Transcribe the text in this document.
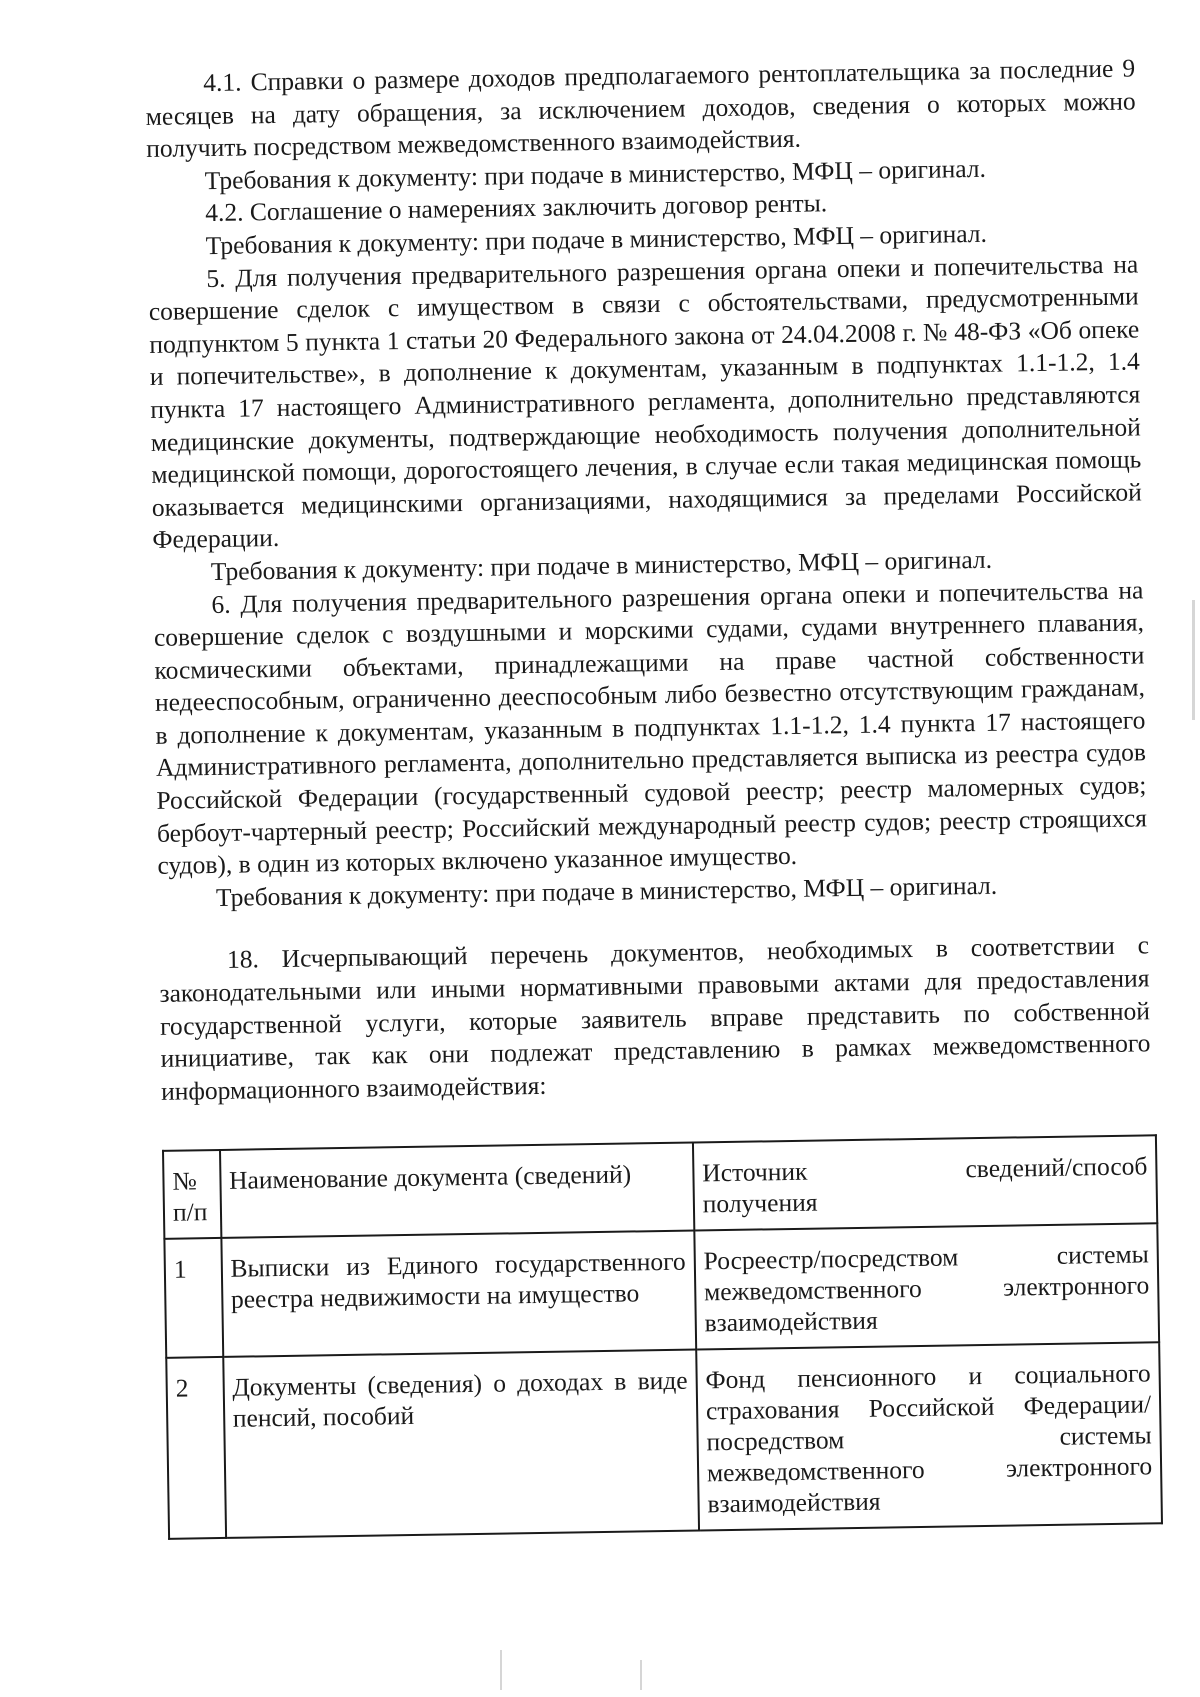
4.1. Справки о размере доходов предполагаемого рентоплательщика за последние 9 месяцев на дату обращения, за исключением доходов, сведения о которых можно получить посредством межведомственного взаимодействия.

Требования к документу: при подаче в министерство, МФЦ – оригинал.

4.2. Соглашение о намерениях заключить договор ренты.

Требования к документу: при подаче в министерство, МФЦ – оригинал.

5. Для получения предварительного разрешения органа опеки и попечительства на совершение сделок с имуществом в связи с обстоятельствами, предусмотренными подпунктом 5 пункта 1 статьи 20 Федерального закона от 24.04.2008 г. № 48-ФЗ «Об опеке и попечительстве», в дополнение к документам, указанным в подпунктах 1.1-1.2, 1.4 пункта 17 настоящего Административного регламента, дополнительно представляются медицинские документы, подтверждающие необходимость получения дополнительной медицинской помощи, дорогостоящего лечения, в случае если такая медицинская помощь оказывается медицинскими организациями, находящимися за пределами Российской Федерации.

Требования к документу: при подаче в министерство, МФЦ – оригинал.

6. Для получения предварительного разрешения органа опеки и попечительства на совершение сделок с воздушными и морскими судами, судами внутреннего плавания, космическими объектами, принадлежащими на праве частной собственности недееспособным, ограниченно дееспособным либо безвестно отсутствующим гражданам, в дополнение к документам, указанным в подпунктах 1.1-1.2, 1.4 пункта 17 настоящего Административного регламента, дополнительно представляется выписка из реестра судов Российской Федерации (государственный судовой реестр; реестр маломерных судов; бербоут-чартерный реестр; Российский международный реестр судов; реестр строящихся судов), в один из которых включено указанное имущество.

Требования к документу: при подаче в министерство, МФЦ – оригинал.

18. Исчерпывающий перечень документов, необходимых в соответствии с законодательными или иными нормативными правовыми актами для предоставления государственной услуги, которые заявитель вправе представить по собственной инициативе, так как они подлежат представлению в рамках межведомственного информационного взаимодействия:

№ п/п	Наименование документа (сведений)	Источник сведений/способ
получения

1	Выписки из Единого государственного реестра недвижимости на имущество	Росреестр/посредством системы межведомственного электронного взаимодействия
2	Документы (сведения) о доходах в виде пенсий, пособий	Фонд пенсионного и социального страхования Российской Федерации/ посредством системы межведомственного электронного взаимодействия
